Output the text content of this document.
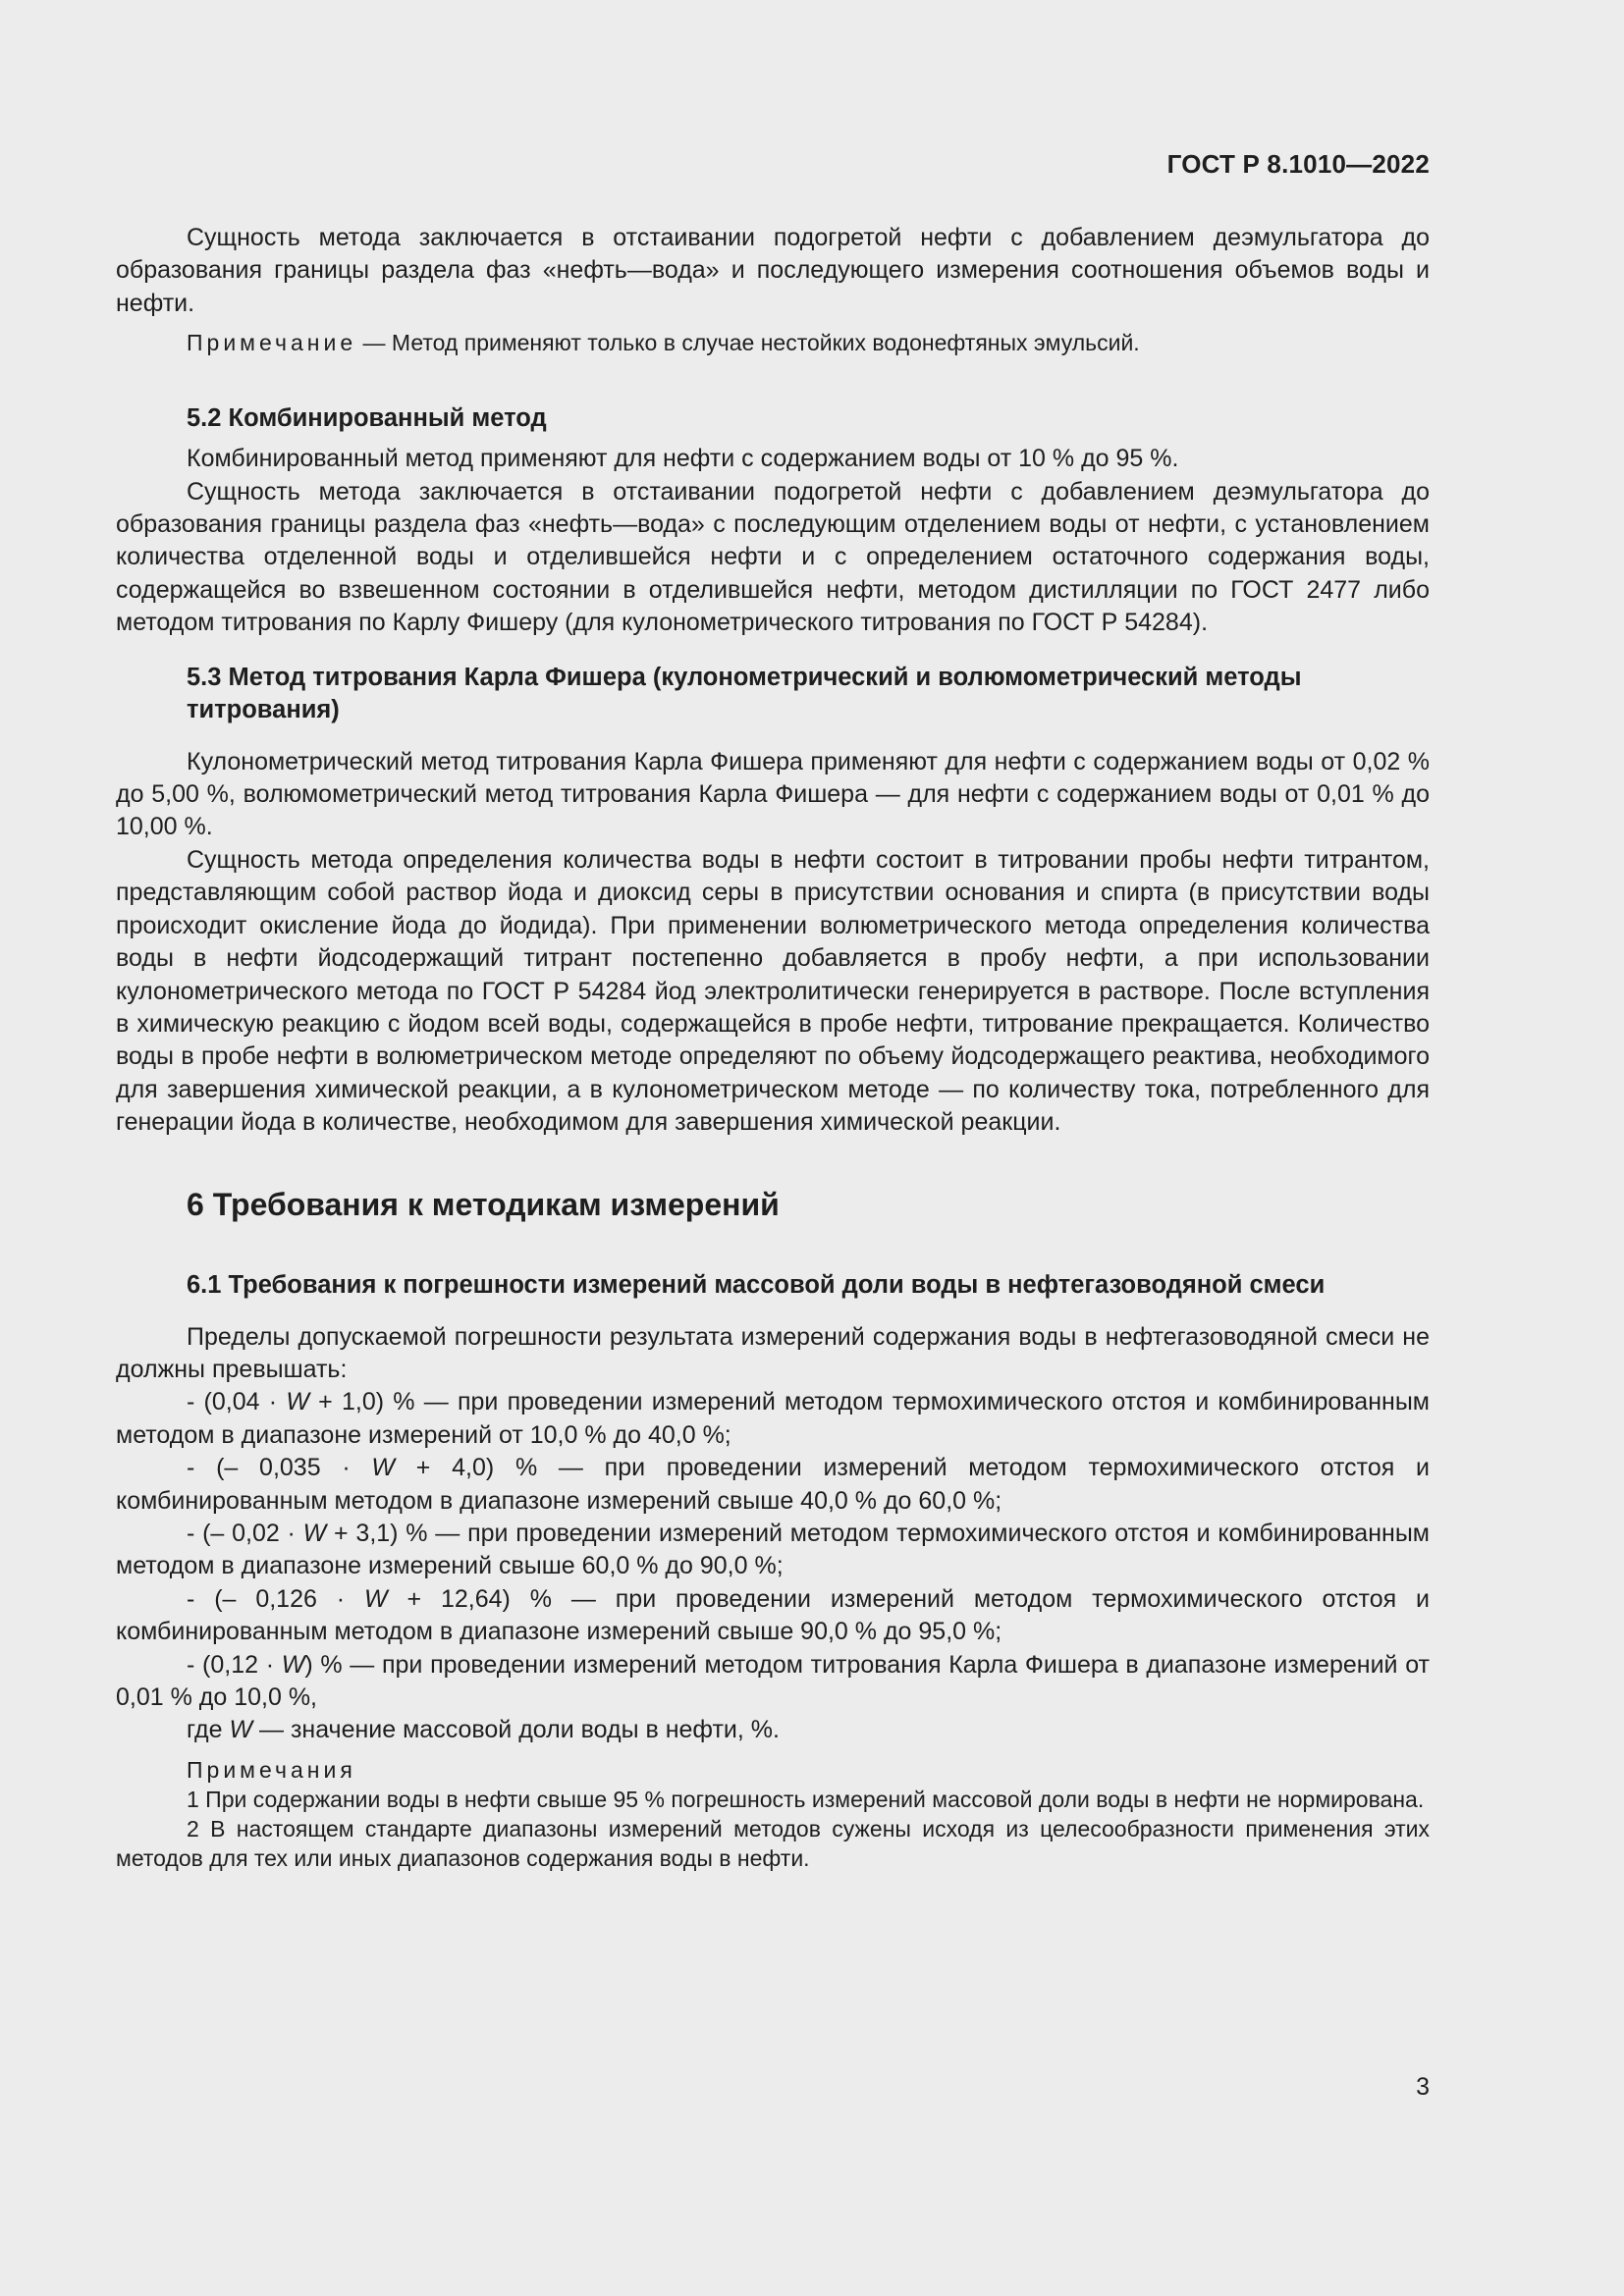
ГОСТ Р 8.1010—2022

Сущность метода заключается в отстаивании подогретой нефти с добавлением деэмульгатора до образования границы раздела фаз «нефть—вода» и последующего измерения соотношения объемов воды и нефти.

Примечание — Метод применяют только в случае нестойких водонефтяных эмульсий.

5.2 Комбинированный метод

Комбинированный метод применяют для нефти с содержанием воды от 10 % до 95 %.

Сущность метода заключается в отстаивании подогретой нефти с добавлением деэмульгатора до образования границы раздела фаз «нефть—вода» с последующим отделением воды от нефти, с установлением количества отделенной воды и отделившейся нефти и с определением остаточного содержания воды, содержащейся во взвешенном состоянии в отделившейся нефти, методом дистилляции по ГОСТ 2477 либо методом титрования по Карлу Фишеру (для кулонометрического титрования по ГОСТ Р 54284).

5.3 Метод титрования Карла Фишера (кулонометрический и волюмометрический методы титрования)

Кулонометрический метод титрования Карла Фишера применяют для нефти с содержанием воды от 0,02 % до 5,00 %, волюмометрический метод титрования Карла Фишера — для нефти с содержанием воды от 0,01 % до 10,00 %.

Сущность метода определения количества воды в нефти состоит в титровании пробы нефти титрантом, представляющим собой раствор йода и диоксид серы в присутствии основания и спирта (в присутствии воды происходит окисление йода до йодида). При применении волюметрического метода определения количества воды в нефти йодсодержащий титрант постепенно добавляется в пробу нефти, а при использовании кулонометрического метода по ГОСТ Р 54284 йод электролитически генерируется в растворе. После вступления в химическую реакцию с йодом всей воды, содержащейся в пробе нефти, титрование прекращается. Количество воды в пробе нефти в волюметрическом методе определяют по объему йодсодержащего реактива, необходимого для завершения химической реакции, а в кулонометрическом методе — по количеству тока, потребленного для генерации йода в количестве, необходимом для завершения химической реакции.

6 Требования к методикам измерений
6.1 Требования к погрешности измерений массовой доли воды в нефтегазоводяной смеси

Пределы допускаемой погрешности результата измерений содержания воды в нефтегазоводяной смеси не должны превышать:

- (0,04 · W + 1,0) % — при проведении измерений методом термохимического отстоя и комбинированным методом в диапазоне измерений от 10,0 % до 40,0 %;

- (– 0,035 · W + 4,0) % — при проведении измерений методом термохимического отстоя и комбинированным методом в диапазоне измерений свыше 40,0 % до 60,0 %;

- (– 0,02 · W + 3,1) % — при проведении измерений методом термохимического отстоя и комбинированным методом в диапазоне измерений свыше 60,0 % до 90,0 %;

- (– 0,126 · W + 12,64) % — при проведении измерений методом термохимического отстоя и комбинированным методом в диапазоне измерений свыше 90,0 % до 95,0 %;

- (0,12 · W) % — при проведении измерений методом титрования Карла Фишера в диапазоне измерений от 0,01 % до 10,0 %,

где W — значение массовой доли воды в нефти, %.

Примечания

1 При содержании воды в нефти свыше 95 % погрешность измерений массовой доли воды в нефти не нормирована.

2 В настоящем стандарте диапазоны измерений методов сужены исходя из целесообразности применения этих методов для тех или иных диапазонов содержания воды в нефти.

3
